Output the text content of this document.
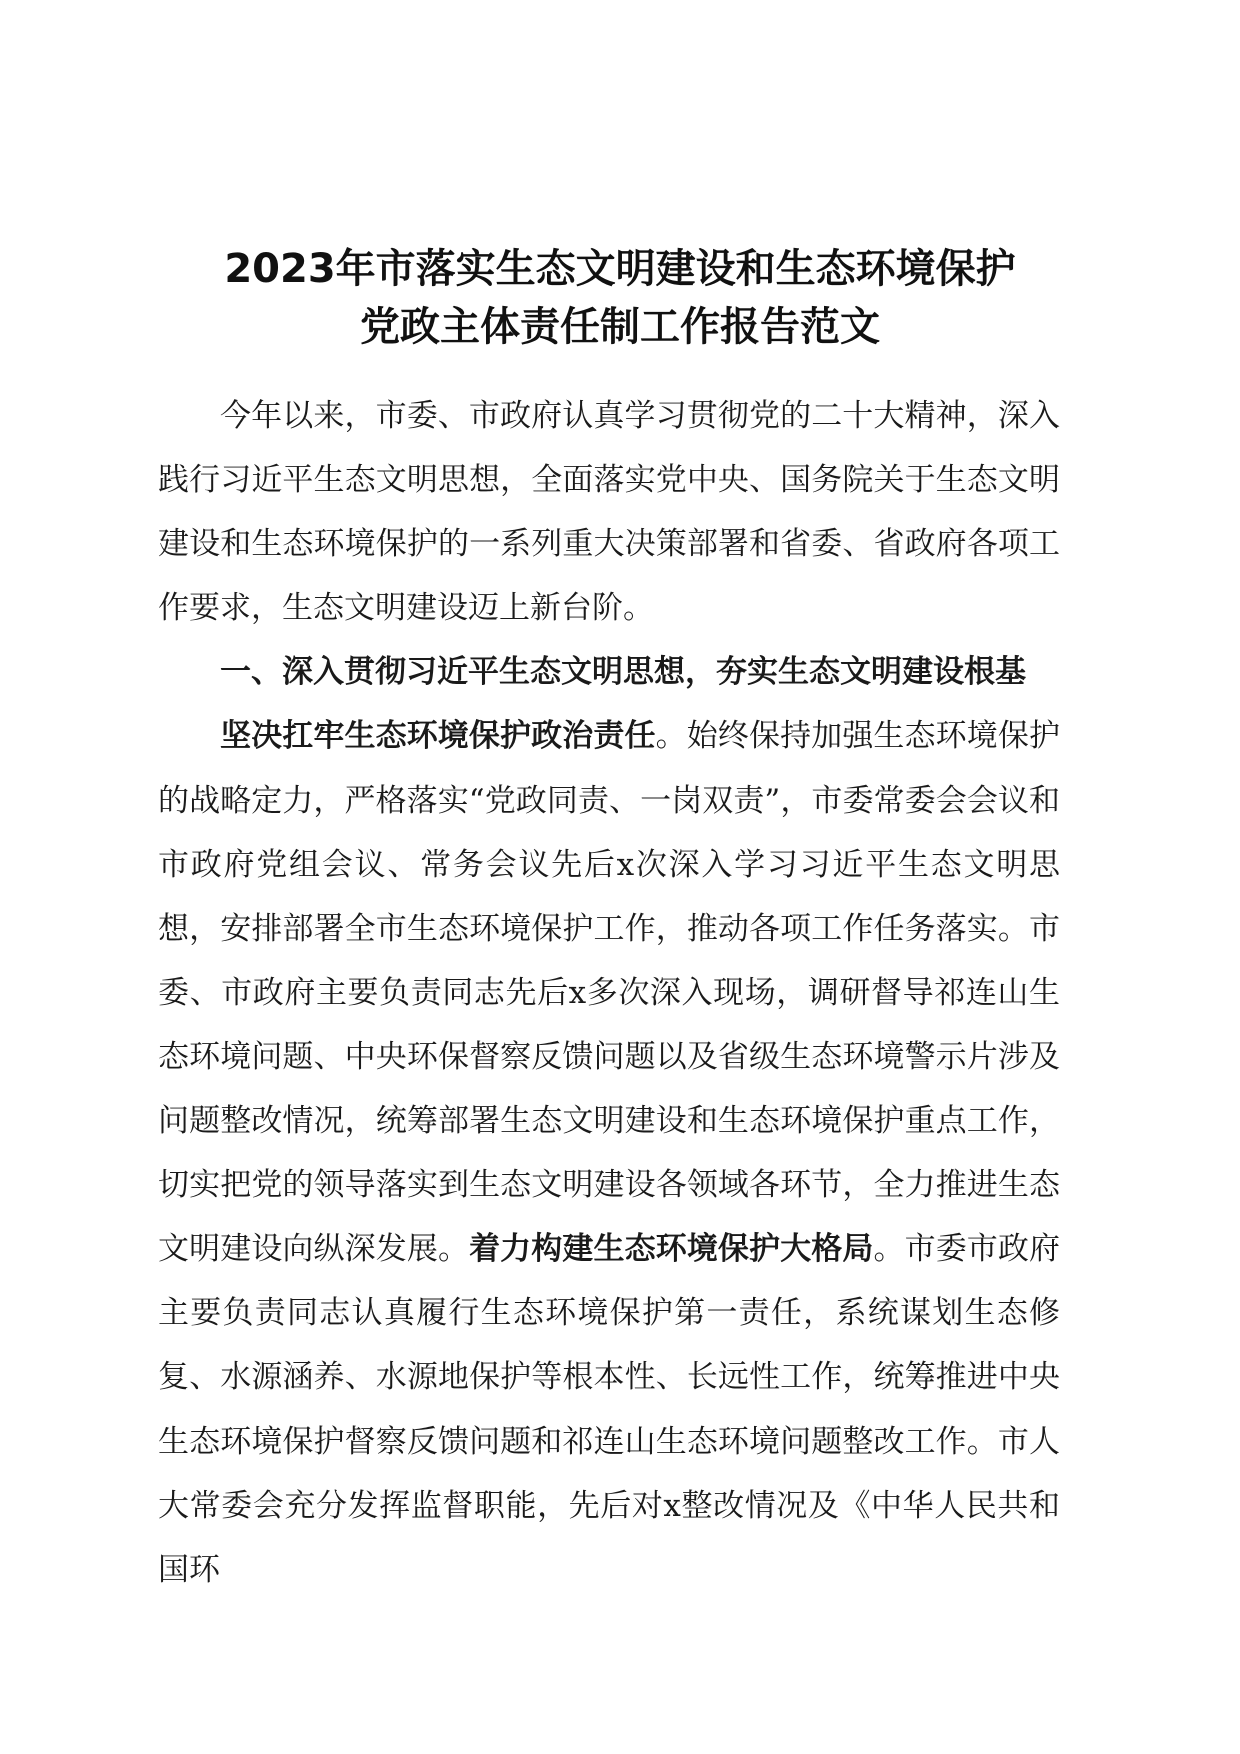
2023年市落实生态文明建设和生态环境保护
党政主体责任制工作报告范文

今年以来，市委、市政府认真学习贯彻党的二十大精神，深入践行习近平生态文明思想，全面落实党中央、国务院关于生态文明建设和生态环境保护的一系列重大决策部署和省委、省政府各项工作要求，生态文明建设迈上新台阶。

一、深入贯彻习近平生态文明思想，夯实生态文明建设根基

坚决扛牢生态环境保护政治责任。始终保持加强生态环境保护的战略定力，严格落实“党政同责、一岗双责”，市委常委会会议和市政府党组会议、常务会议先后x次深入学习习近平生态文明思想，安排部署全市生态环境保护工作，推动各项工作任务落实。市委、市政府主要负责同志先后x多次深入现场，调研督导祁连山生态环境问题、中央环保督察反馈问题以及省级生态环境警示片涉及问题整改情况，统筹部署生态文明建设和生态环境保护重点工作，切实把党的领导落实到生态文明建设各领域各环节，全力推进生态文明建设向纵深发展。着力构建生态环境保护大格局。市委市政府主要负责同志认真履行生态环境保护第一责任，系统谋划生态修复、水源涵养、水源地保护等根本性、长远性工作，统筹推进中央生态环境保护督察反馈问题和祁连山生态环境问题整改工作。市人大常委会充分发挥监督职能，先后对x整改情况及《中华人民共和国环
